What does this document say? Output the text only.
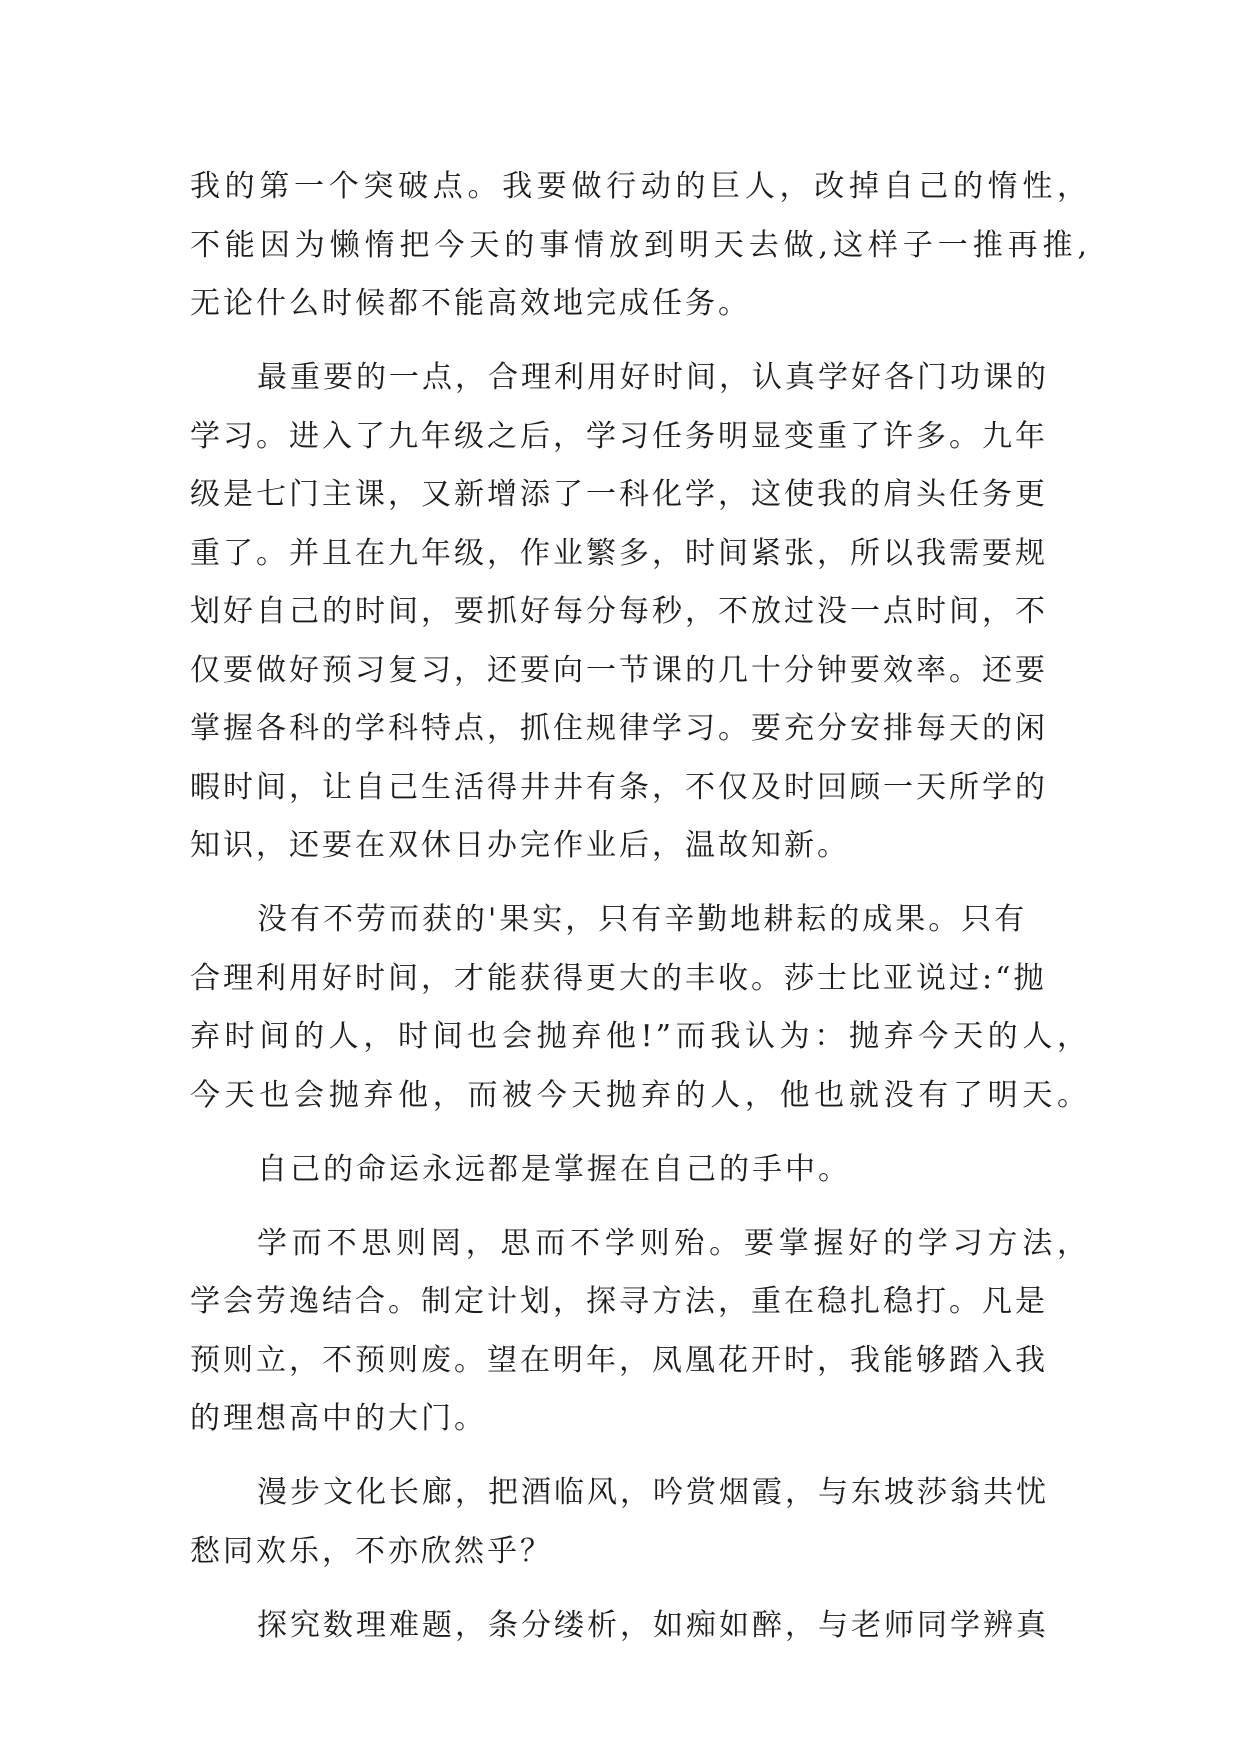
我的第一个突破点。我要做行动的巨人，改掉自己的惰性，
不能因为懒惰把今天的事情放到明天去做,这样子一推再推,
无论什么时候都不能高效地完成任务。
最重要的一点，合理利用好时间，认真学好各门功课的
学习。进入了九年级之后，学习任务明显变重了许多。九年
级是七门主课，又新增添了一科化学，这使我的肩头任务更
重了。并且在九年级，作业繁多，时间紧张，所以我需要规
划好自己的时间，要抓好每分每秒，不放过没一点时间，不
仅要做好预习复习，还要向一节课的几十分钟要效率。还要
掌握各科的学科特点，抓住规律学习。要充分安排每天的闲
暇时间，让自己生活得井井有条，不仅及时回顾一天所学的
知识，还要在双休日办完作业后，温故知新。
没有不劳而获的'果实，只有辛勤地耕耘的成果。只有
合理利用好时间，才能获得更大的丰收。莎士比亚说过:“抛
弃时间的人，时间也会抛弃他!”而我认为：抛弃今天的人，
今天也会抛弃他，而被今天抛弃的人，他也就没有了明天。
自己的命运永远都是掌握在自己的手中。
学而不思则罔，思而不学则殆。要掌握好的学习方法，
学会劳逸结合。制定计划，探寻方法，重在稳扎稳打。凡是
预则立，不预则废。望在明年，凤凰花开时，我能够踏入我
的理想高中的大门。
漫步文化长廊，把酒临风，吟赏烟霞，与东坡莎翁共忧
愁同欢乐，不亦欣然乎？
探究数理难题，条分缕析，如痴如醉，与老师同学辨真
